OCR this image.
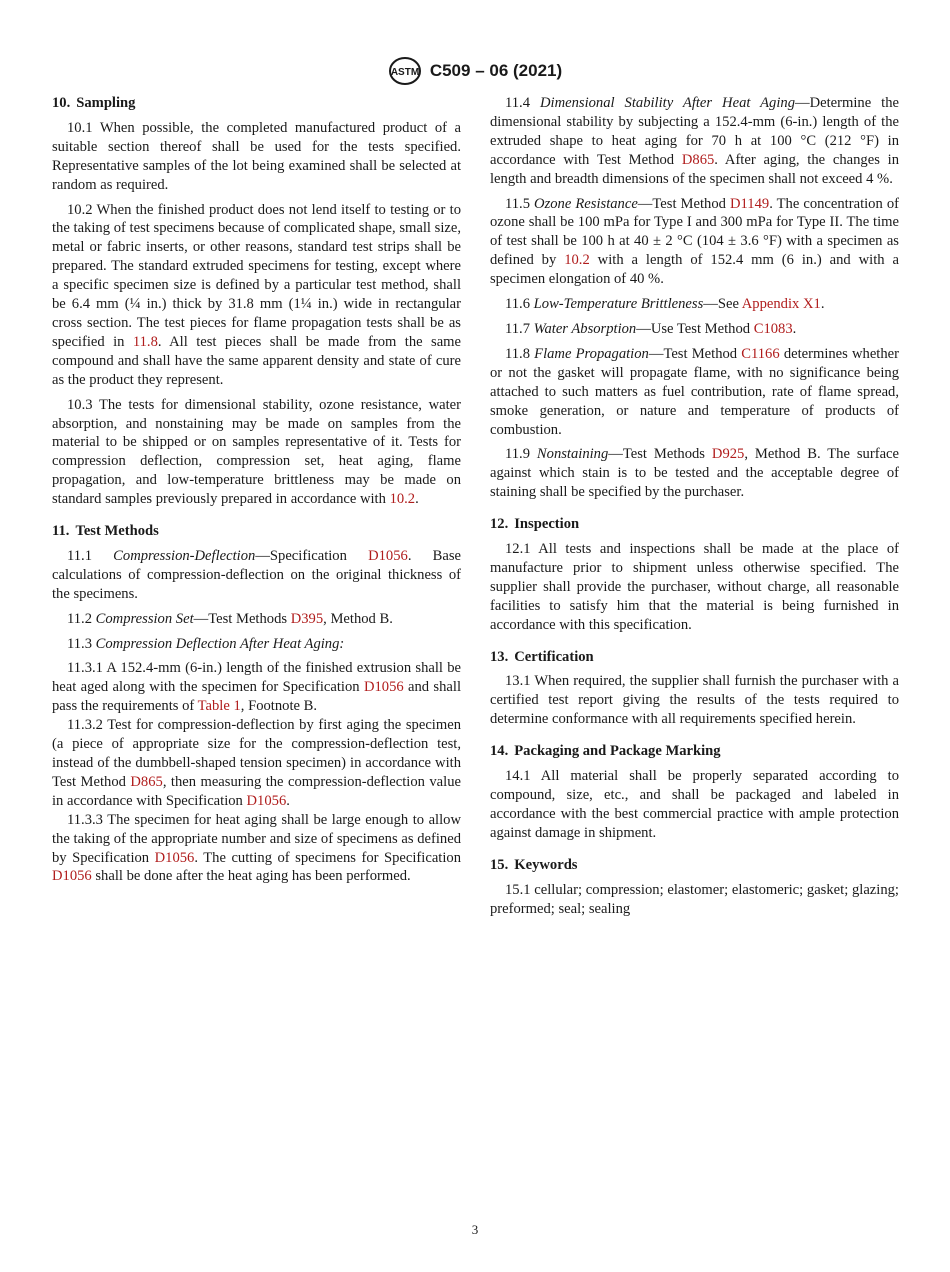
ASTM C509 – 06 (2021)
10. Sampling

10.1 When possible, the completed manufactured product of a suitable section thereof shall be used for the tests specified. Representative samples of the lot being examined shall be selected at random as required.

10.2 When the finished product does not lend itself to testing or to the taking of test specimens because of complicated shape, small size, metal or fabric inserts, or other reasons, standard test strips shall be prepared. The standard extruded specimens for testing, except where a specific specimen size is defined by a particular test method, shall be 6.4 mm (¼ in.) thick by 31.8 mm (1¼ in.) wide in rectangular cross section. The test pieces for flame propagation tests shall be as specified in 11.8. All test pieces shall be made from the same compound and shall have the same apparent density and state of cure as the product they represent.

10.3 The tests for dimensional stability, ozone resistance, water absorption, and nonstaining may be made on samples from the material to be shipped or on samples representative of it. Tests for compression deflection, compression set, heat aging, flame propagation, and low-temperature brittleness may be made on standard samples previously prepared in accordance with 10.2.

11. Test Methods

11.1 Compression-Deflection—Specification D1056. Base calculations of compression-deflection on the original thickness of the specimens.

11.2 Compression Set—Test Methods D395, Method B.

11.3 Compression Deflection After Heat Aging:

11.3.1 A 152.4-mm (6-in.) length of the finished extrusion shall be heat aged along with the specimen for Specification D1056 and shall pass the requirements of Table 1, Footnote B.

11.3.2 Test for compression-deflection by first aging the specimen (a piece of appropriate size for the compression-deflection test, instead of the dumbbell-shaped tension specimen) in accordance with Test Method D865, then measuring the compression-deflection value in accordance with Specification D1056.

11.3.3 The specimen for heat aging shall be large enough to allow the taking of the appropriate number and size of specimens as defined by Specification D1056. The cutting of specimens for Specification D1056 shall be done after the heat aging has been performed.

11.4 Dimensional Stability After Heat Aging—Determine the dimensional stability by subjecting a 152.4-mm (6-in.) length of the extruded shape to heat aging for 70 h at 100 °C (212 °F) in accordance with Test Method D865. After aging, the changes in length and breadth dimensions of the specimen shall not exceed 4 %.

11.5 Ozone Resistance—Test Method D1149. The concentration of ozone shall be 100 mPa for Type I and 300 mPa for Type II. The time of test shall be 100 h at 40 ± 2 °C (104 ± 3.6 °F) with a specimen as defined by 10.2 with a length of 152.4 mm (6 in.) and with a specimen elongation of 40 %.

11.6 Low-Temperature Brittleness—See Appendix X1.

11.7 Water Absorption—Use Test Method C1083.

11.8 Flame Propagation—Test Method C1166 determines whether or not the gasket will propagate flame, with no significance being attached to such matters as fuel contribution, rate of flame spread, smoke generation, or nature and temperature of products of combustion.

11.9 Nonstaining—Test Methods D925, Method B. The surface against which stain is to be tested and the acceptable degree of staining shall be specified by the purchaser.

12. Inspection

12.1 All tests and inspections shall be made at the place of manufacture prior to shipment unless otherwise specified. The supplier shall provide the purchaser, without charge, all reasonable facilities to satisfy him that the material is being furnished in accordance with this specification.

13. Certification

13.1 When required, the supplier shall furnish the purchaser with a certified test report giving the results of the tests required to determine conformance with all requirements specified herein.

14. Packaging and Package Marking

14.1 All material shall be properly separated according to compound, size, etc., and shall be packaged and labeled in accordance with the best commercial practice with ample protection against damage in shipment.

15. Keywords

15.1 cellular; compression; elastomer; elastomeric; gasket; glazing; preformed; seal; sealing

3
